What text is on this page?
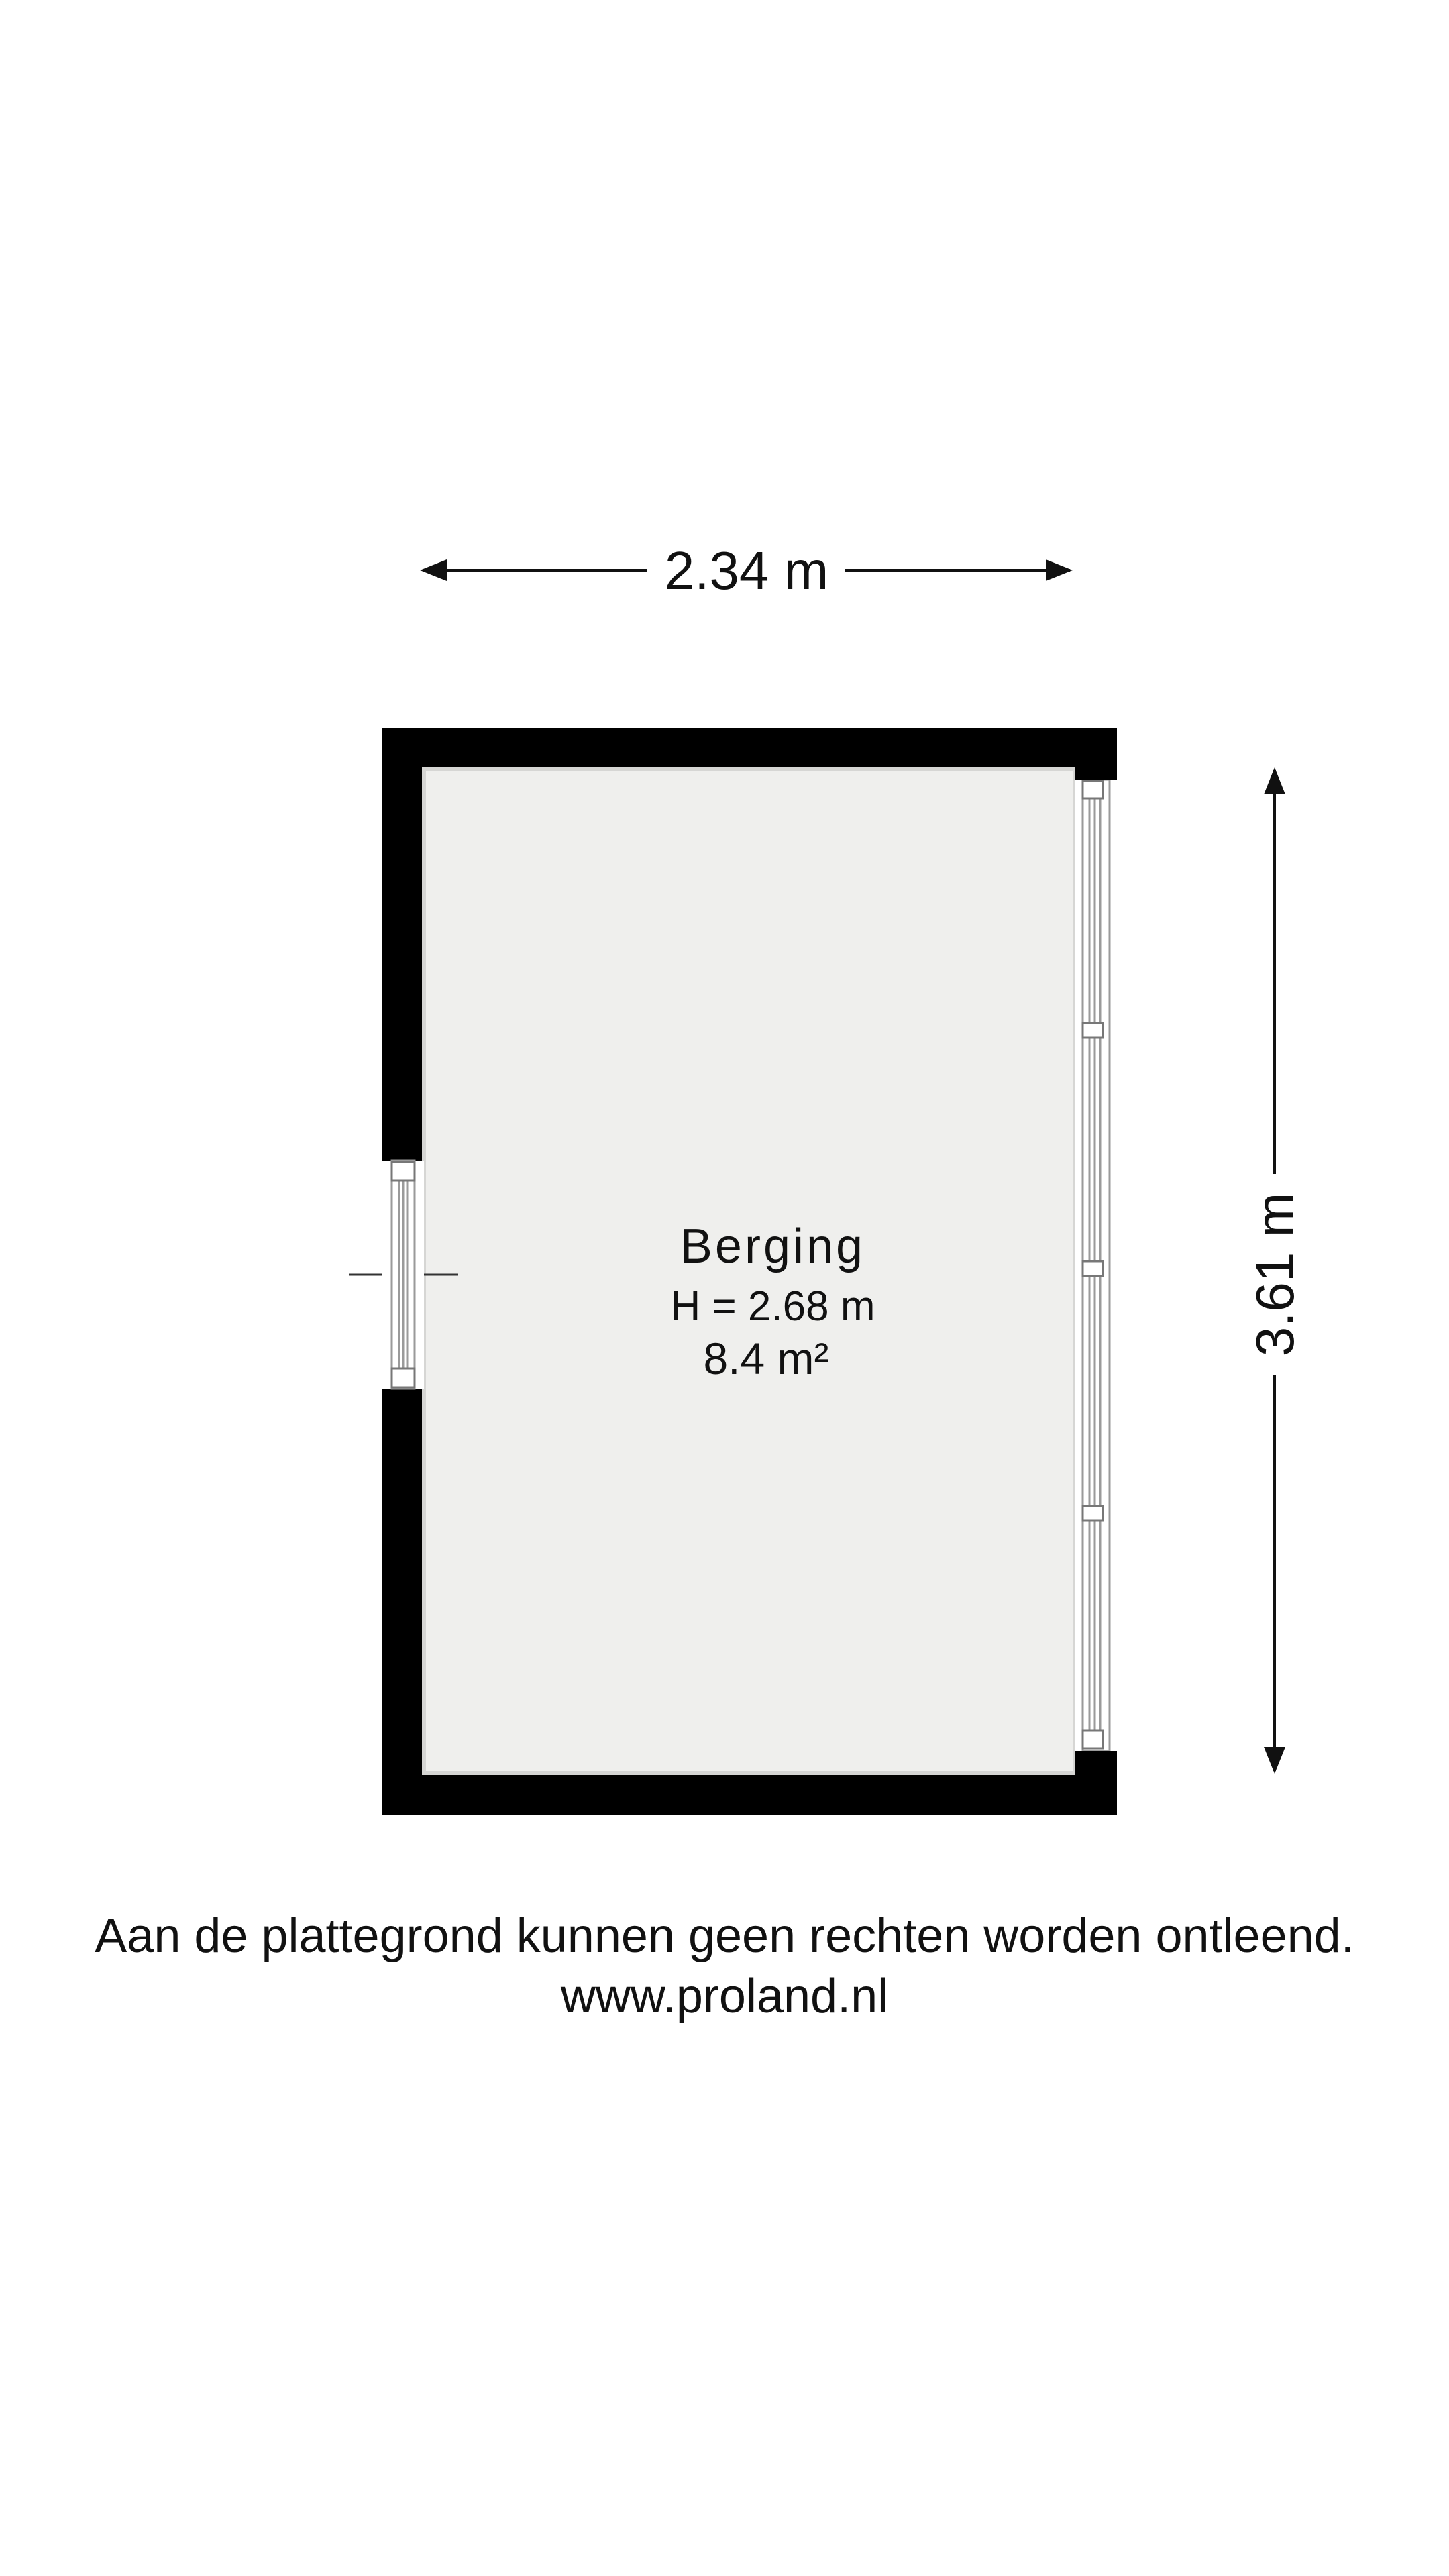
2.34 m
3.61 m
Berging
H = 2.68 m
8.4 m²
Aan de plattegrond kunnen geen rechten worden ontleend.
www.proland.nl
